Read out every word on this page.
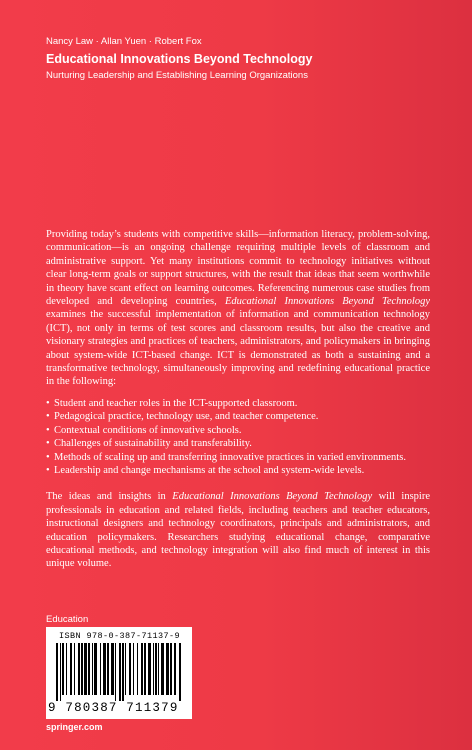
Nancy Law · Allan Yuen · Robert Fox
Educational Innovations Beyond Technology
Nurturing Leadership and Establishing Learning Organizations

Providing today’s students with competitive skills—information literacy, problem-solving, communication—is an ongoing challenge requiring multiple levels of classroom and administrative support. Yet many institutions commit to technology initiatives without clear long-term goals or support structures, with the result that ideas that seem worthwhile in theory have scant effect on learning outcomes. Referencing numerous case studies from developed and developing countries, Educational Innovations Beyond Technology examines the successful implementation of information and communication technology (ICT), not only in terms of test scores and classroom results, but also the creative and visionary strategies and practices of teachers, administrators, and policymakers in bringing about system-wide ICT-based change. ICT is demonstrated as both a sustaining and a transformative technology, simultaneously improving and redefining educational practice in the following:

• Student and teacher roles in the ICT-supported classroom.
• Pedagogical practice, technology use, and teacher competence.
• Contextual conditions of innovative schools.
• Challenges of sustainability and transferability.
• Methods of scaling up and transferring innovative practices in varied environments.
• Leadership and change mechanisms at the school and system-wide levels.

The ideas and insights in Educational Innovations Beyond Technology will inspire professionals in education and related fields, including teachers and teacher educators, instructional designers and technology coordinators, principals and administrators, and education policymakers. Researchers studying educational change, comparative educational methods, and technology integration will also find much of interest in this unique volume.

Education
ISBN 978-0-387-71137-9
9 780387 711379
springer.com
